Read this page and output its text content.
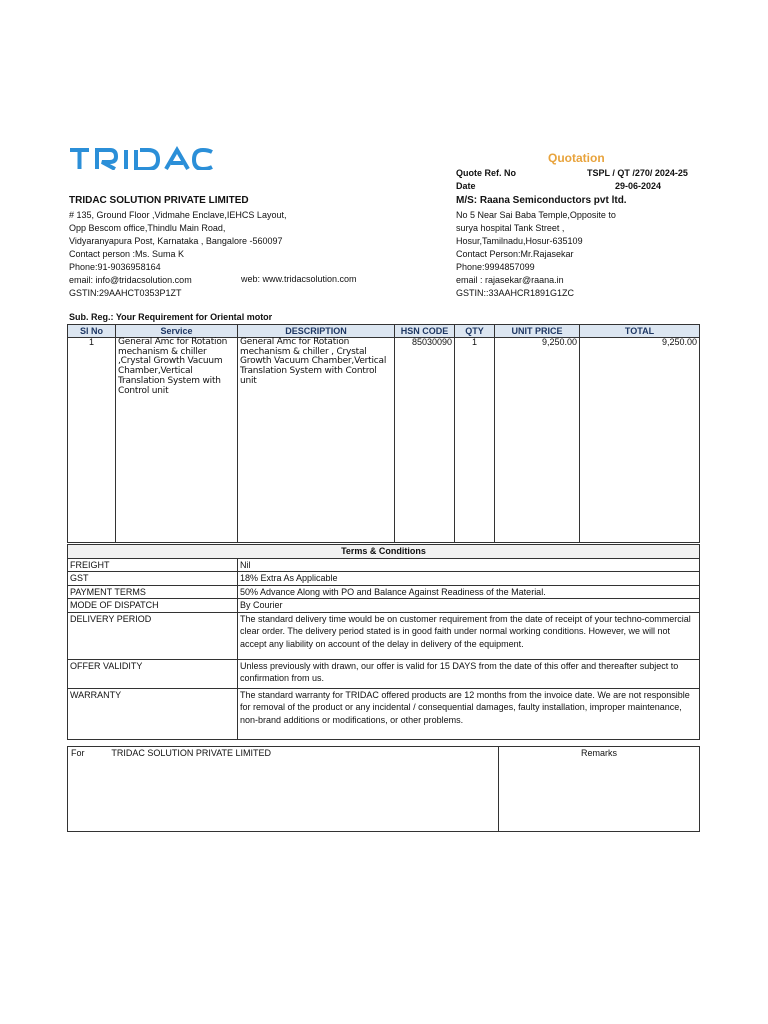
Quotation
Quote Ref. No	TSPL / QT /270/ 2024-25
Date	29-06-2024
TRIDAC SOLUTION PRIVATE LIMITED
# 135, Ground Floor ,Vidmahe Enclave,IEHCS Layout,
Opp Bescom office,Thindlu Main Road,
Vidyaranyapura Post, Karnataka , Bangalore -560097
Contact person :Ms. Suma K
Phone:91-9036958164
email: info@tridacsolution.com
GSTIN:29AAHCT0353P1ZT
web: www.tridacsolution.com
M/S: Raana Semiconductors pvt ltd.
No 5 Near Sai Baba Temple,Opposite to
surya hospital Tank Street ,
Hosur,Tamilnadu,Hosur-635109
Contact Person:Mr.Rajasekar
Phone:9994857099
email : rajasekar@raana.in
GSTIN::33AAHCR1891G1ZC
Sub. Reg.: Your Requirement for Oriental motor
Sl No	Service	DESCRIPTION	HSN CODE	QTY	UNIT PRICE	TOTAL
1	General Amc for Rotation mechanism & chiller ,Crystal Growth Vacuum Chamber,Vertical Translation System with Control unit	General Amc for Rotation mechanism & chiller , Crystal Growth Vacuum Chamber,Vertical Translation System with Control unit	85030090	1	9,250.00	9,250.00
Terms & Conditions	
FREIGHT	Nil
GST	18% Extra As Applicable
PAYMENT TERMS	50% Advance Along with PO and Balance Against Readiness of the Material.
MODE OF DISPATCH	By Courier
DELIVERY PERIOD	The standard delivery time would be on customer requirement from the date of receipt of your techno-commercial clear order. The delivery period stated is in good faith under normal working conditions. However, we will not accept any liability on account of the delay in delivery of the equipment.
OFFER VALIDITY	Unless previously with drawn, our offer is valid for 15 DAYS from the date of this offer and thereafter subject to confirmation from us.
WARRANTY	The standard warranty for TRIDAC offered products are 12 months from the invoice date. We are not responsible for removal of the product or any incidental / consequential damages, faulty installation, improper maintenance, non-brand additions or modifications, or other problems.
For	TRIDAC SOLUTION PRIVATE LIMITED	Remarks
